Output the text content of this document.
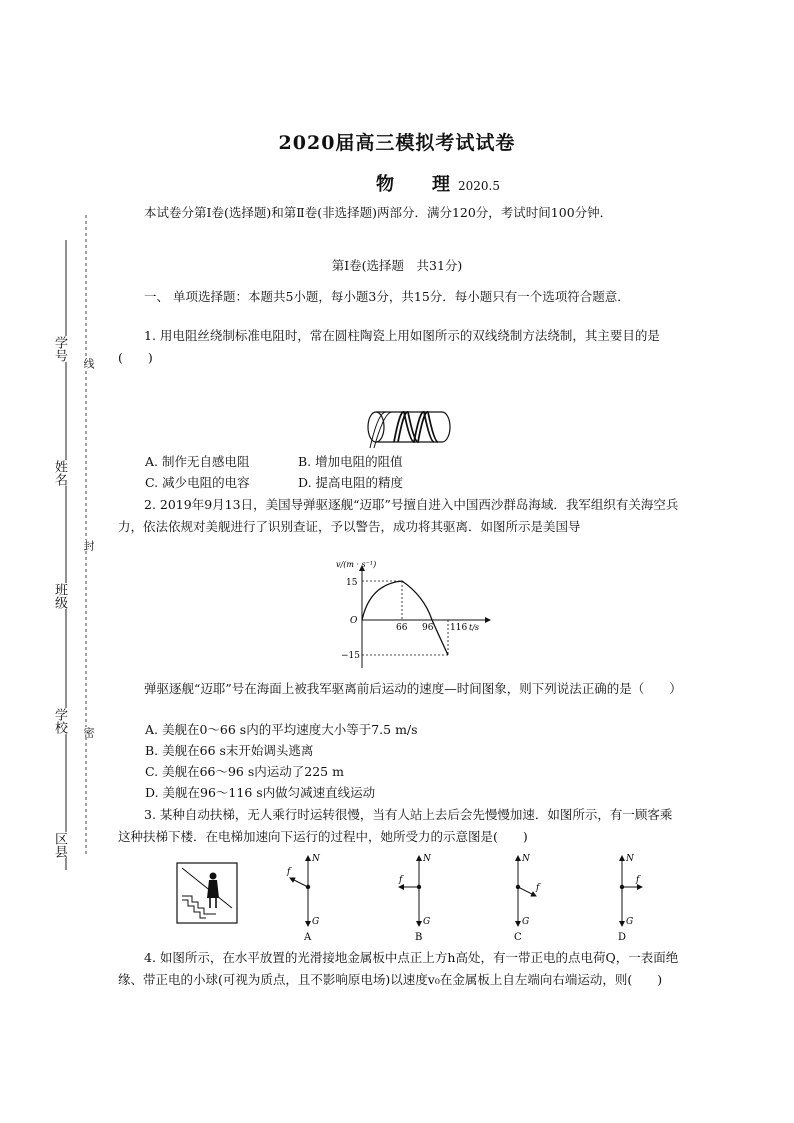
学号
姓名
班级
学校
区县
线
封
密
2020届高三模拟考试试卷
物 理 2020.5
本试卷分第Ⅰ卷(选择题)和第Ⅱ卷(非选择题)两部分．满分120分，考试时间100分钟．
第Ⅰ卷(选择题　共31分)
一、 单项选择题：本题共5小题，每小题3分，共15分．每小题只有一个选项符合题意．
1. 用电阻丝绕制标准电阻时，常在圆柱陶瓷上用如图所示的双线绕制方法绕制，其主要目的是(　　)
A. 制作无自感电阻	B. 增加电阻的阻值
C. 减少电阻的电容	D. 提高电阻的精度
2. 2019年9月13日，美国导弹驱逐舰“迈耶”号擅自进入中国西沙群岛海域．我军组织有关海空兵力，依法依规对美舰进行了识别查证，予以警告，成功将其驱离．如图所示是美国导
v/(m · s⁻¹)
15
−15
O
66 96 116 t/s
弹驱逐舰“迈耶”号在海面上被我军驱离前后运动的速度—时间图象，则下列说法正确的是（　　）
A. 美舰在0～66 s内的平均速度大小等于7.5 m/s
B. 美舰在66 s末开始调头逃离
C. 美舰在66～96 s内运动了225 m
D. 美舰在96～116 s内做匀减速直线运动
3. 某种自动扶梯，无人乘行时运转很慢，当有人站上去后会先慢慢加速．如图所示，有一顾客乘这种扶梯下楼．在电梯加速向下运行的过程中，她所受力的示意图是(　　)
N
G
f
A
N
G
f
B
N
G
f
C
N
G
f
D
4. 如图所示，在水平放置的光滑接地金属板中点正上方h高处，有一带正电的点电荷Q，一表面绝缘、带正电的小球(可视为质点，且不影响原电场)以速度v₀在金属板上自左端向右端运动，则(　　)
